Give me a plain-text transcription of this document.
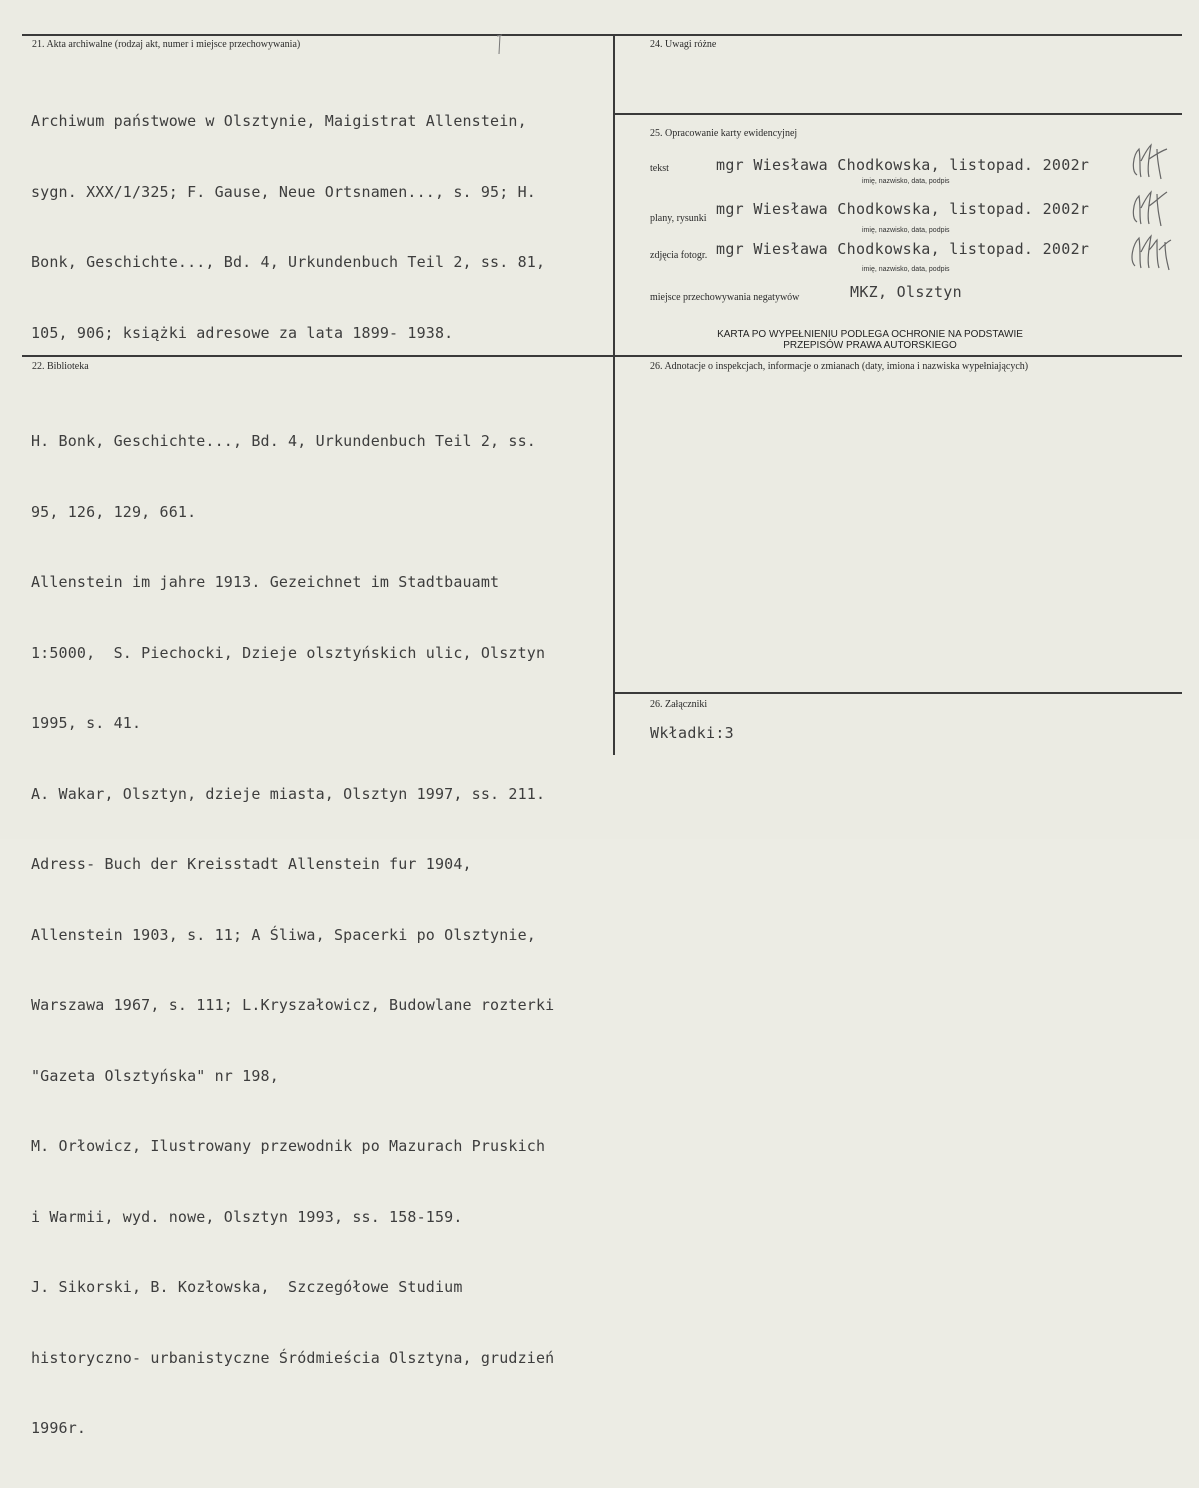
21. Akta archiwalne (rodzaj akt, numer i miejsce przechowywania)

Archiwum państwowe w Olsztynie, Maigistrat Allenstein,

sygn. XXX/1/325; F. Gause, Neue Ortsnamen..., s. 95; H.

Bonk, Geschichte..., Bd. 4, Urkundenbuch Teil 2, ss. 81,

105, 906; książki adresowe za lata 1899- 1938.

24. Uwagi różne
25. Opracowanie karty ewidencyjnej
tekst	mgr Wiesława Chodkowska, listopad. 2002r
imię, nazwisko, data, podpis
plany, rysunki
mgr Wiesława Chodkowska, listopad. 2002r
imię, nazwisko, data, podpis
zdjęcia fotogr. mgr Wiesława Chodkowska, listopad. 2002r
imię, nazwisko, data, podpis
miejsce przechowywania negatywów	MKZ, Olsztyn
KARTA PO WYPEŁNIENIU PODLEGA OCHRONIE NA PODSTAWIE
PRZEPISÓW PRAWA AUTORSKIEGO
22. Biblioteka

H. Bonk, Geschichte..., Bd. 4, Urkundenbuch Teil 2, ss.

95, 126, 129, 661.

Allenstein im jahre 1913. Gezeichnet im Stadtbauamt

1:5000,  S. Piechocki, Dzieje olsztyńskich ulic, Olsztyn

1995, s. 41.

A. Wakar, Olsztyn, dzieje miasta, Olsztyn 1997, ss. 211.

Adress- Buch der Kreisstadt Allenstein fur 1904,

Allenstein 1903, s. 11; A Śliwa, Spacerki po Olsztynie,

Warszawa 1967, s. 111; L.Kryszałowicz, Budowlane rozterki

"Gazeta Olsztyńska" nr 198,

M. Orłowicz, Ilustrowany przewodnik po Mazurach Pruskich

i Warmii, wyd. nowe, Olsztyn 1993, ss. 158-159.

J. Sikorski, B. Kozłowska,  Szczegółowe Studium

historyczno- urbanistyczne Śródmieścia Olsztyna, grudzień

1996r.

26. Adnotacje o inspekcjach, informacje o zmianach (daty, imiona i nazwiska wypełniających)
26. Załączniki
Wkładki:3
